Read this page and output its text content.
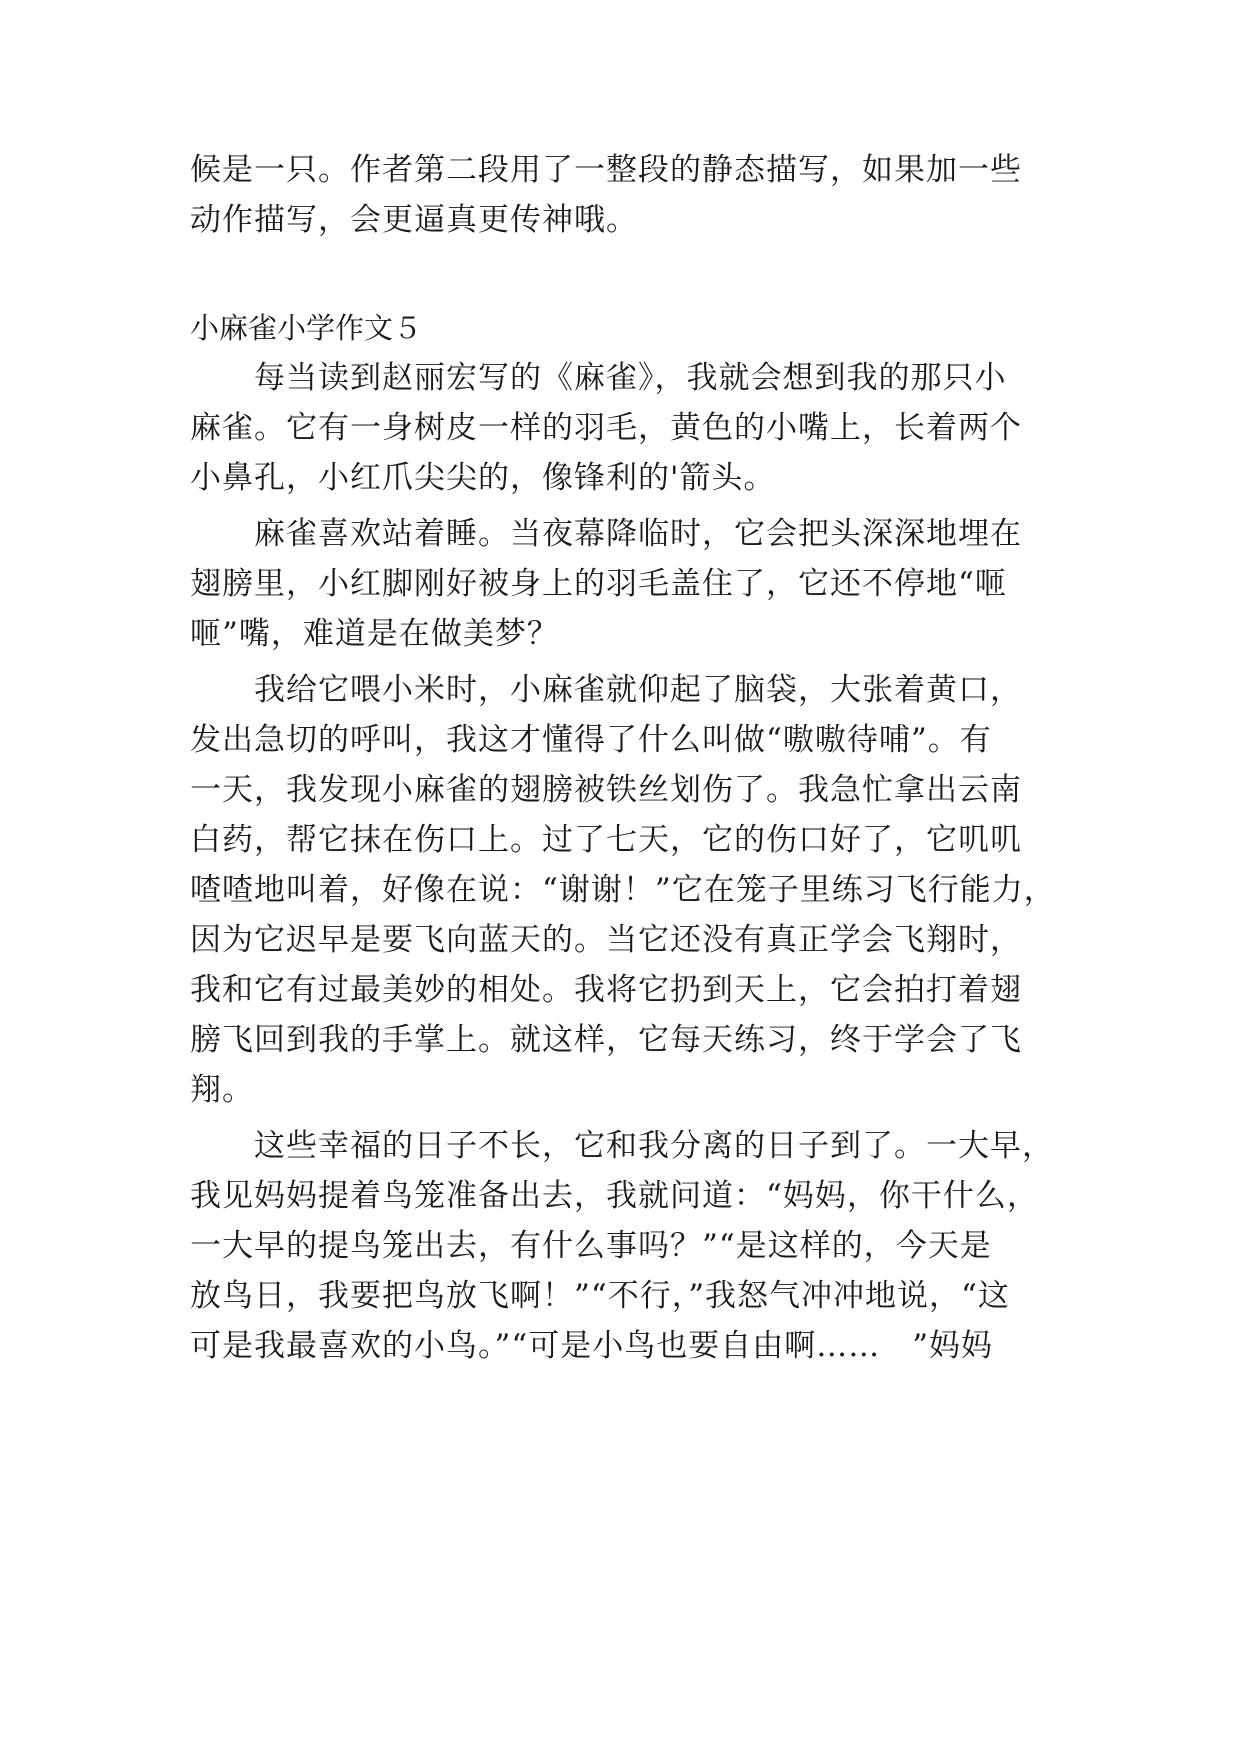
候是一只。作者第二段用了一整段的静态描写，如果加一些
动作描写，会更逼真更传神哦。
小麻雀小学作文５
　　每当读到赵丽宏写的《麻雀》，我就会想到我的那只小
麻雀。它有一身树皮一样的羽毛，黄色的小嘴上，长着两个
小鼻孔，小红爪尖尖的，像锋利的'箭头。
　　麻雀喜欢站着睡。当夜幕降临时，它会把头深深地埋在
翅膀里，小红脚刚好被身上的羽毛盖住了，它还不停地“咂
咂”嘴，难道是在做美梦？
　　我给它喂小米时，小麻雀就仰起了脑袋，大张着黄口，
发出急切的呼叫，我这才懂得了什么叫做“嗷嗷待哺”。有
一天，我发现小麻雀的翅膀被铁丝划伤了。我急忙拿出云南
白药，帮它抹在伤口上。过了七天，它的伤口好了，它叽叽
喳喳地叫着，好像在说：“谢谢！”它在笼子里练习飞行能力，
因为它迟早是要飞向蓝天的。当它还没有真正学会飞翔时，
我和它有过最美妙的相处。我将它扔到天上，它会拍打着翅
膀飞回到我的手掌上。就这样，它每天练习，终于学会了飞
翔。
　　这些幸福的日子不长，它和我分离的日子到了。一大早，
我见妈妈提着鸟笼准备出去，我就问道：“妈妈，你干什么，
一大早的提鸟笼出去，有什么事吗？”“是这样的，今天是
放鸟日，我要把鸟放飞啊！”“不行，”我怒气冲冲地说，“这
可是我最喜欢的小鸟。”“可是小鸟也要自由啊……　”妈妈
